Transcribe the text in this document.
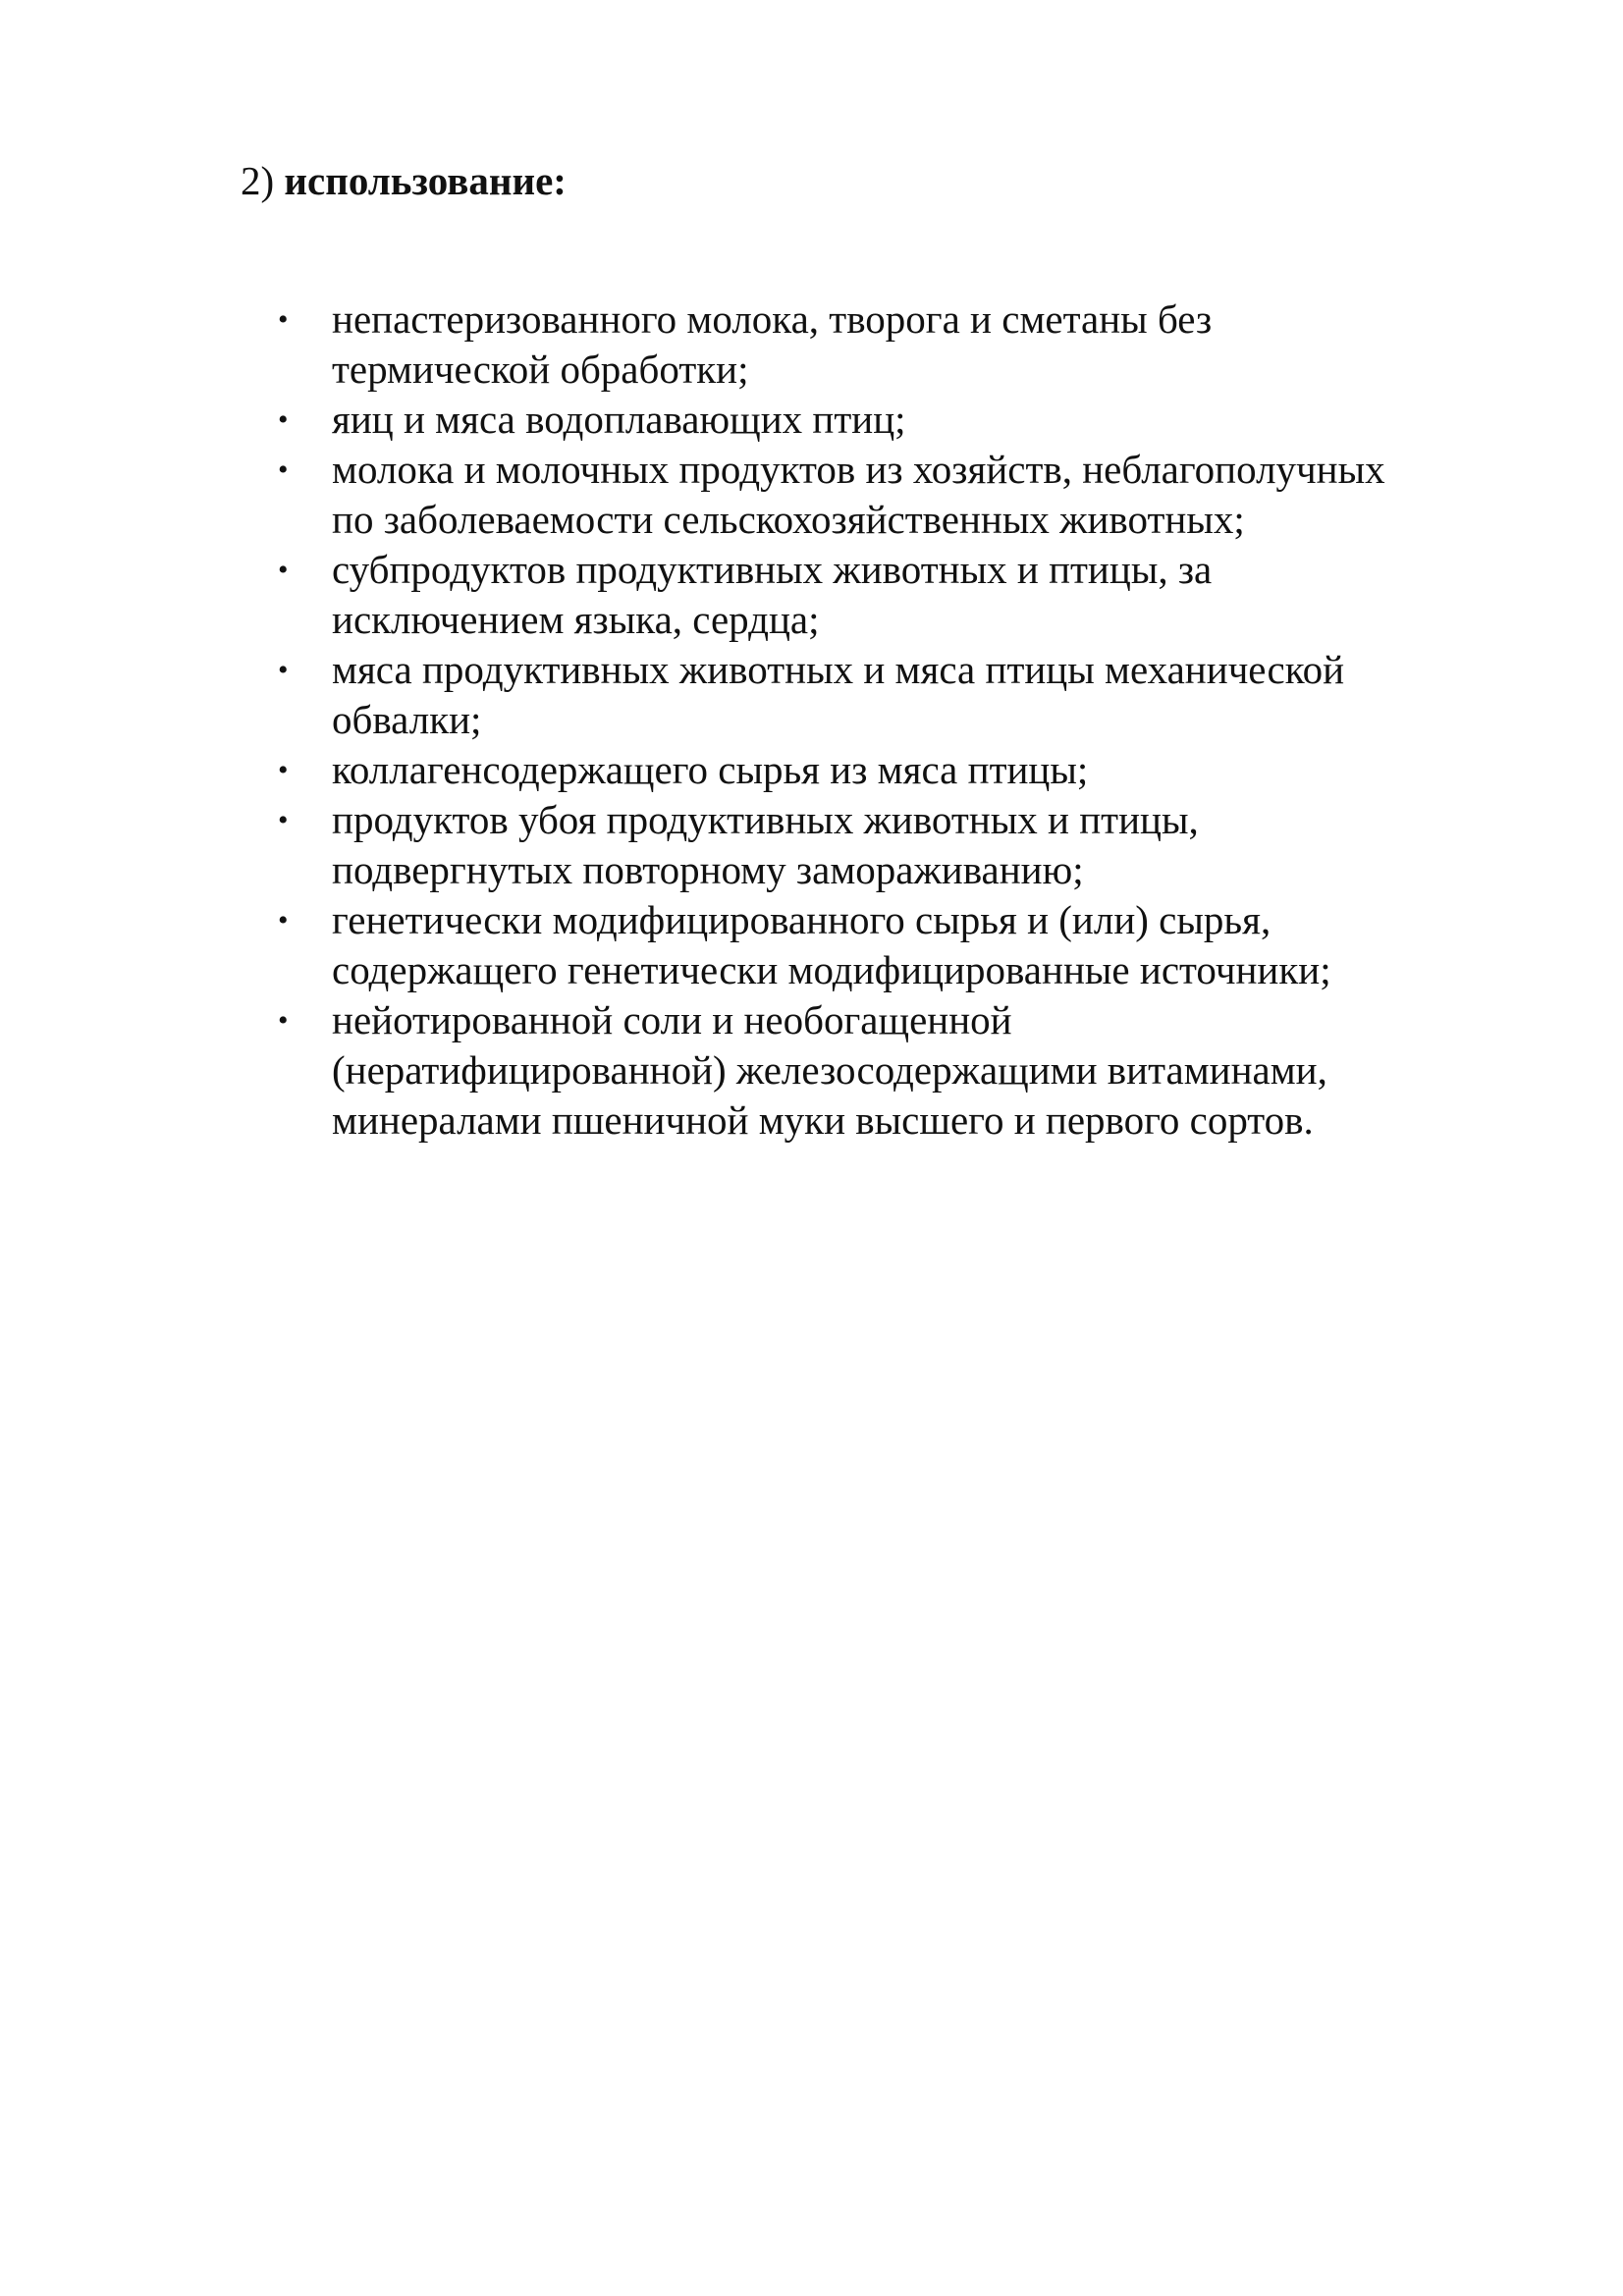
2) использование:

• непастеризованного молока, творога и сметаны без
термической обработки;
• яиц и мяса водоплавающих птиц;
• молока и молочных продуктов из хозяйств, неблагополучных
по заболеваемости сельскохозяйственных животных;
• субпродуктов продуктивных животных и птицы, за
исключением языка, сердца;
• мяса продуктивных животных и мяса птицы механической
обвалки;
• коллагенсодержащего сырья из мяса птицы;
• продуктов убоя продуктивных животных и птицы,
подвергнутых повторному замораживанию;
• генетически модифицированного сырья и (или) сырья,
содержащего генетически модифицированные источники;
• нейотированной соли и необогащенной
(нератифицированной) железосодержащими витаминами,
минералами пшеничной муки высшего и первого сортов.
